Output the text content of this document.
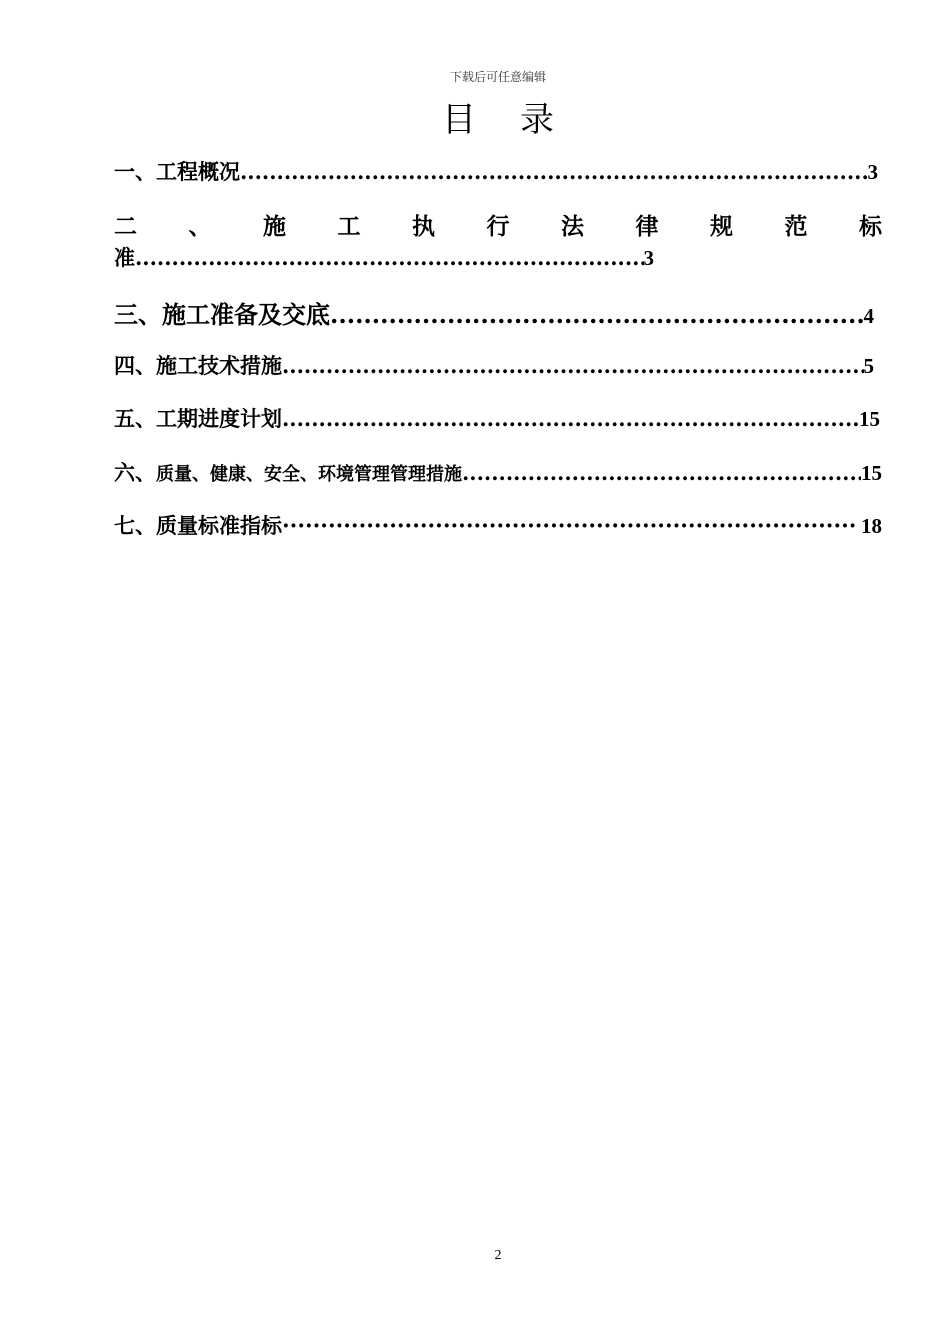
下载后可任意编辑
目录
一、工程概况 .....	3
二 、 施 工 执 行 法 律 规 范 标
准 .....	3
三、施工准备及交底 .....	4
四、施工技术措施 .....	5
五、工期进度计划 .....	15
六、 质量、健康、安全、环境管理管理措施 .....	15
七、质量标准指标 ·····	18
2
